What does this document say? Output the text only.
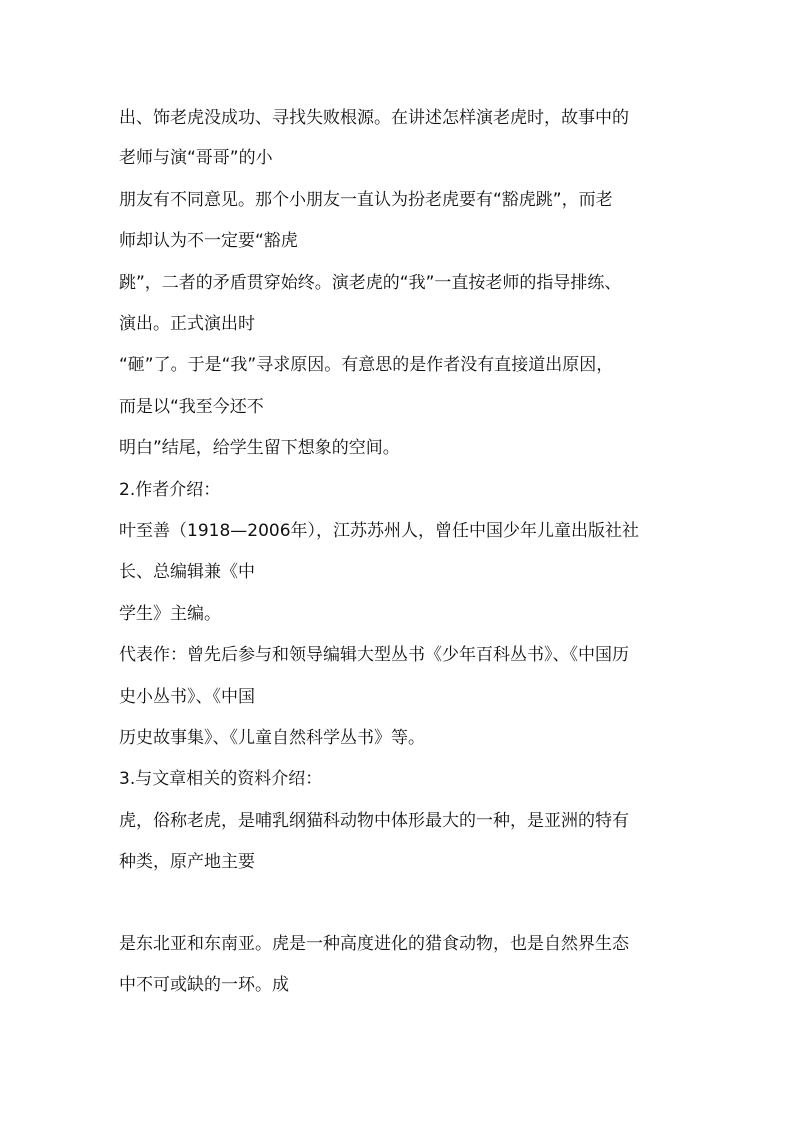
出、饰老虎没成功、寻找失败根源。在讲述怎样演老虎时，故事中的

老师与演“哥哥”的小

朋友有不同意见。那个小朋友一直认为扮老虎要有“豁虎跳”，而老

师却认为不一定要“豁虎

跳”，二者的矛盾贯穿始终。演老虎的“我”一直按老师的指导排练、

演出。正式演出时

“砸”了。于是“我”寻求原因。有意思的是作者没有直接道出原因，

而是以“我至今还不

明白”结尾，给学生留下想象的空间。

2.作者介绍：

叶至善（1918—2006年），江苏苏州人，曾任中国少年儿童出版社社

长、总编辑兼《中

学生》主编。

代表作：曾先后参与和领导编辑大型丛书《少年百科丛书》、《中国历

史小丛书》、《中国

历史故事集》、《儿童自然科学丛书》等。

3.与文章相关的资料介绍：

虎，俗称老虎，是哺乳纲猫科动物中体形最大的一种，是亚洲的特有

种类，原产地主要

是东北亚和东南亚。虎是一种高度进化的猎食动物，也是自然界生态

中不可或缺的一环。成
